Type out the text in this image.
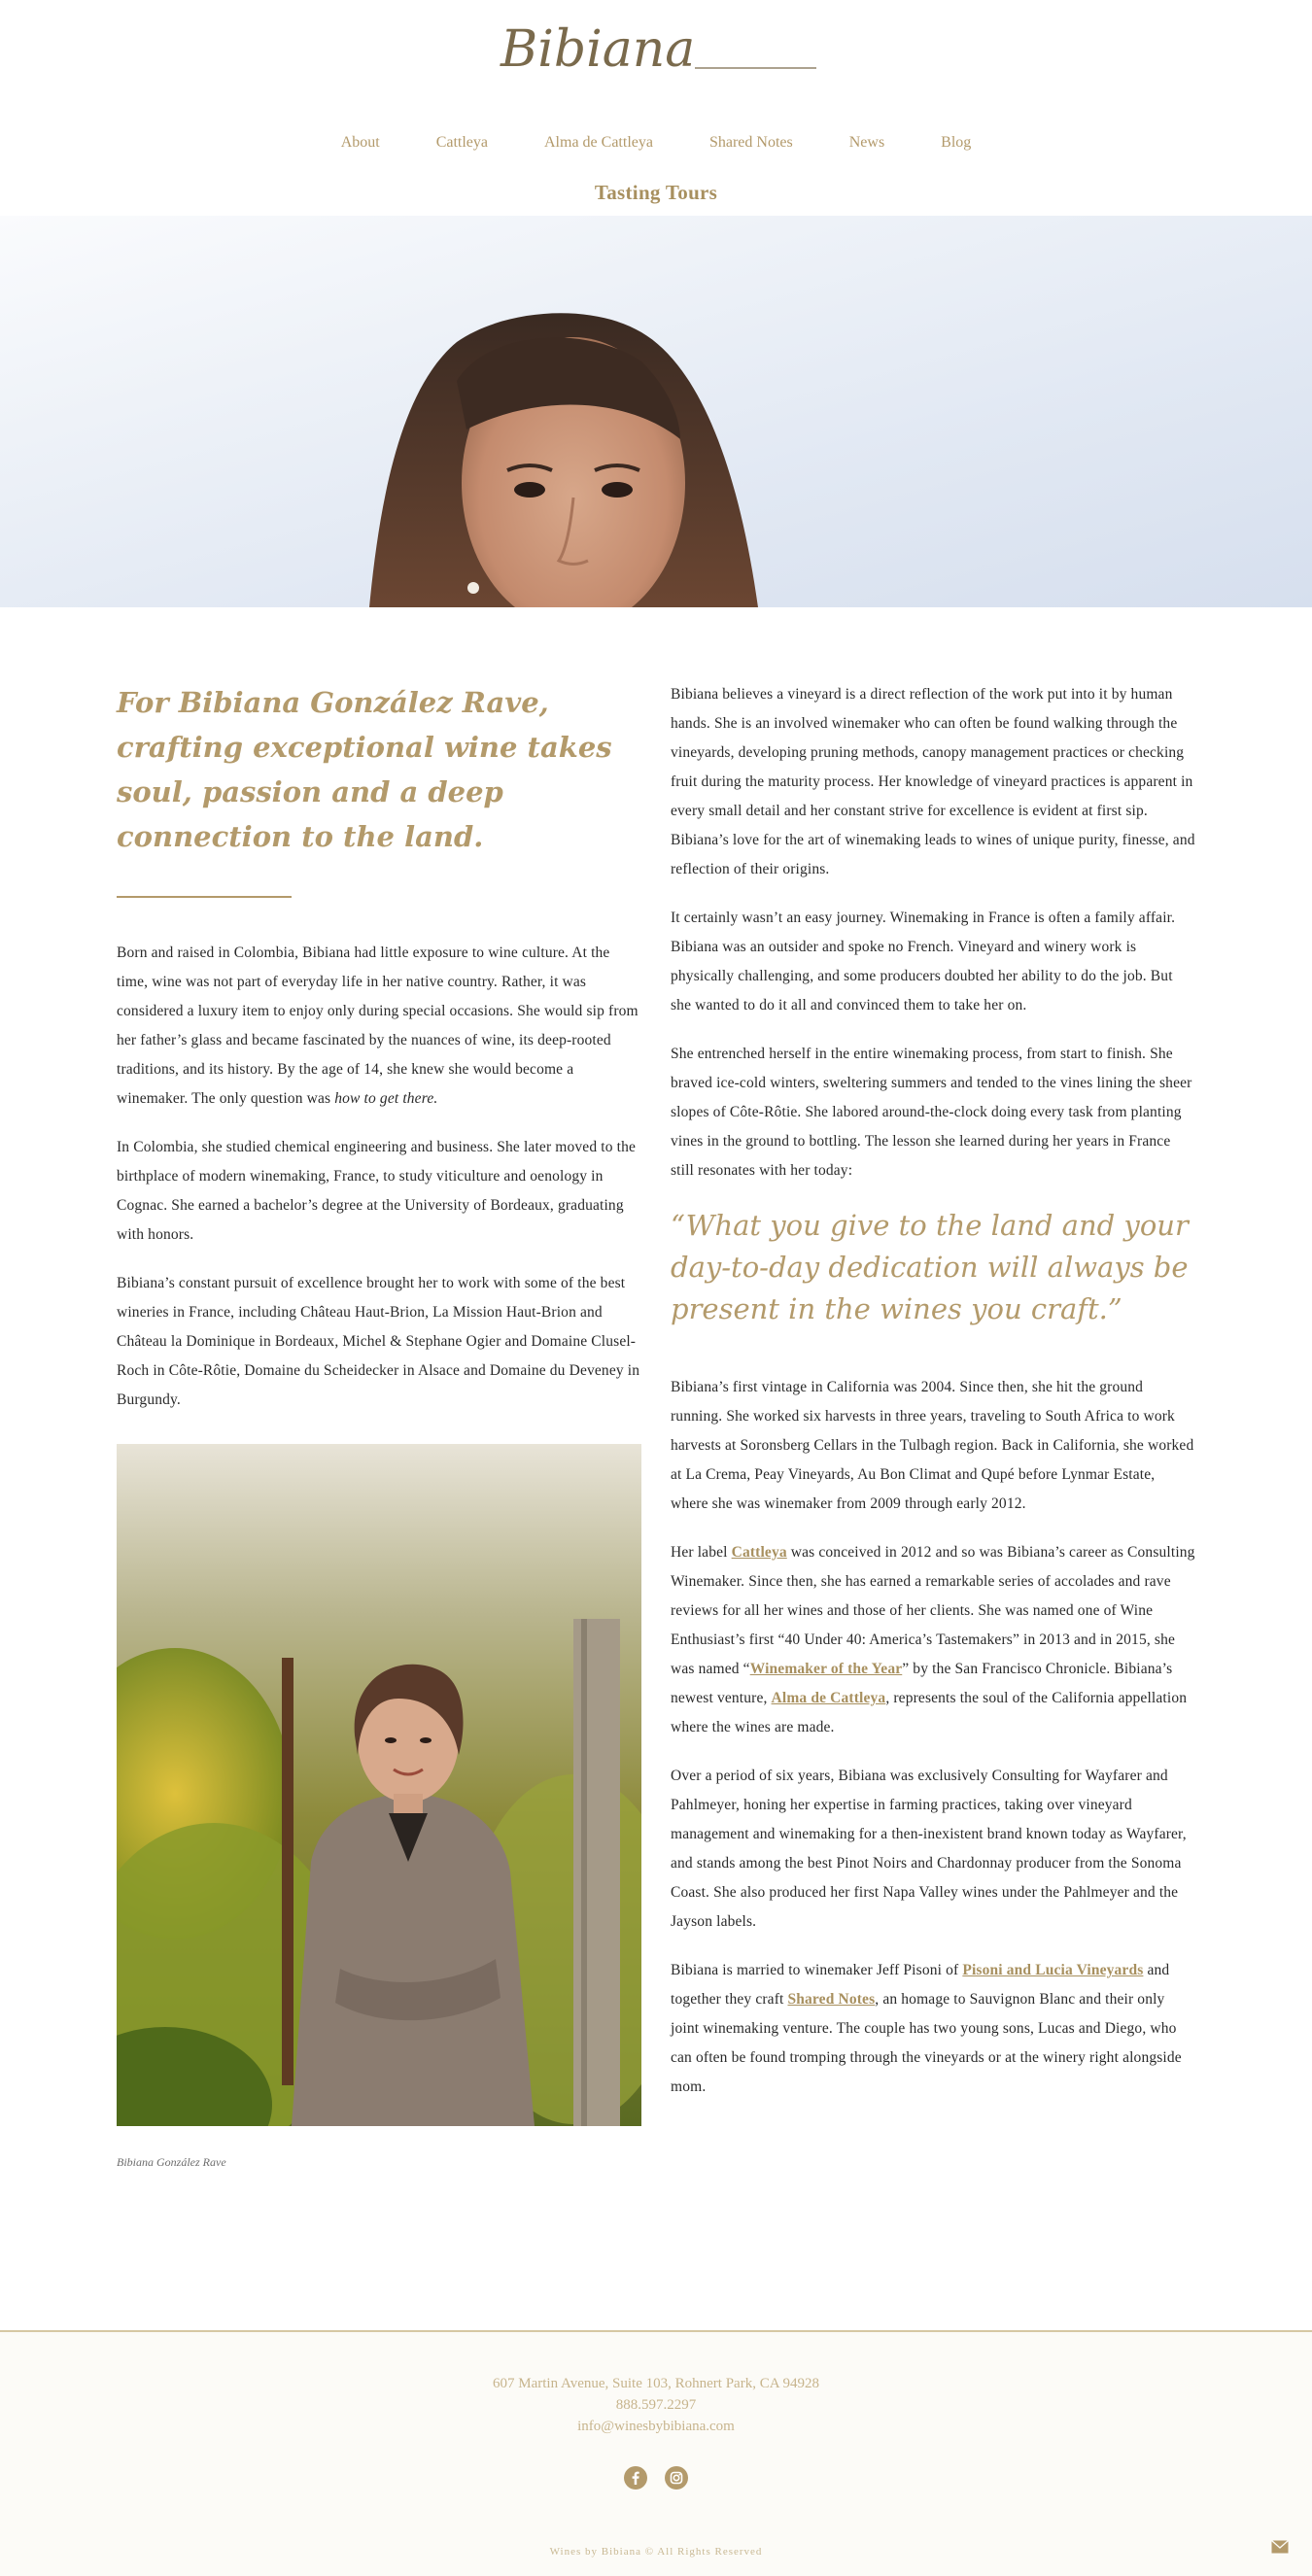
Bibiana
About	Cattleya	Alma de Cattleya	Shared Notes	News	Blog
Tasting Tours
For Bibiana González Rave, crafting exceptional wine takes soul, passion and a deep connection to the land.

Born and raised in Colombia, Bibiana had little exposure to wine culture. At the time, wine was not part of everyday life in her native country. Rather, it was considered a luxury item to enjoy only during special occasions. She would sip from her father’s glass and became fascinated by the nuances of wine, its deep-rooted traditions, and its history. By the age of 14, she knew she would become a winemaker. The only question was how to get there.

In Colombia, she studied chemical engineering and business. She later moved to the birthplace of modern winemaking, France, to study viticulture and oenology in Cognac. She earned a bachelor’s degree at the University of Bordeaux, graduating with honors.

Bibiana’s constant pursuit of excellence brought her to work with some of the best wineries in France, including Château Haut-Brion, La Mission Haut-Brion and Château la Dominique in Bordeaux, Michel & Stephane Ogier and Domaine Clusel-Roch in Côte-Rôtie, Domaine du Scheidecker in Alsace and Domaine du Deveney in Burgundy.

Bibiana González Rave

Bibiana believes a vineyard is a direct reflection of the work put into it by human hands. She is an involved winemaker who can often be found walking through the vineyards, developing pruning methods, canopy management practices or checking fruit during the maturity process. Her knowledge of vineyard practices is apparent in every small detail and her constant strive for excellence is evident at first sip. Bibiana’s love for the art of winemaking leads to wines of unique purity, finesse, and reflection of their origins.

It certainly wasn’t an easy journey. Winemaking in France is often a family affair. Bibiana was an outsider and spoke no French. Vineyard and winery work is physically challenging, and some producers doubted her ability to do the job. But she wanted to do it all and convinced them to take her on.

She entrenched herself in the entire winemaking process, from start to finish. She braved ice-cold winters, sweltering summers and tended to the vines lining the sheer slopes of Côte-Rôtie. She labored around-the-clock doing every task from planting vines in the ground to bottling. The lesson she learned during her years in France still resonates with her today:

“What you give to the land and your day-to-day dedication will always be present in the wines you craft.”

Bibiana’s first vintage in California was 2004. Since then, she hit the ground running. She worked six harvests in three years, traveling to South Africa to work harvests at Soronsberg Cellars in the Tulbagh region. Back in California, she worked at La Crema, Peay Vineyards, Au Bon Climat and Qupé before Lynmar Estate, where she was winemaker from 2009 through early 2012.

Her label Cattleya was conceived in 2012 and so was Bibiana’s career as Consulting Winemaker. Since then, she has earned a remarkable series of accolades and rave reviews for all her wines and those of her clients. She was named one of Wine Enthusiast’s first “40 Under 40: America’s Tastemakers” in 2013 and in 2015, she was named “Winemaker of the Year” by the San Francisco Chronicle. Bibiana’s newest venture, Alma de Cattleya, represents the soul of the California appellation where the wines are made.

Over a period of six years, Bibiana was exclusively Consulting for Wayfarer and Pahlmeyer, honing her expertise in farming practices, taking over vineyard management and winemaking for a then-inexistent brand known today as Wayfarer, and stands among the best Pinot Noirs and Chardonnay producer from the Sonoma Coast. She also produced her first Napa Valley wines under the Pahlmeyer and the Jayson labels.

Bibiana is married to winemaker Jeff Pisoni of Pisoni and Lucia Vineyards and together they craft Shared Notes, an homage to Sauvignon Blanc and their only joint winemaking venture. The couple has two young sons, Lucas and Diego, who can often be found tromping through the vineyards or at the winery right alongside mom.

607 Martin Avenue, Suite 103, Rohnert Park, CA 94928
888.597.2297
info@winesbybibiana.com

Wines by Bibiana © All Rights Reserved
